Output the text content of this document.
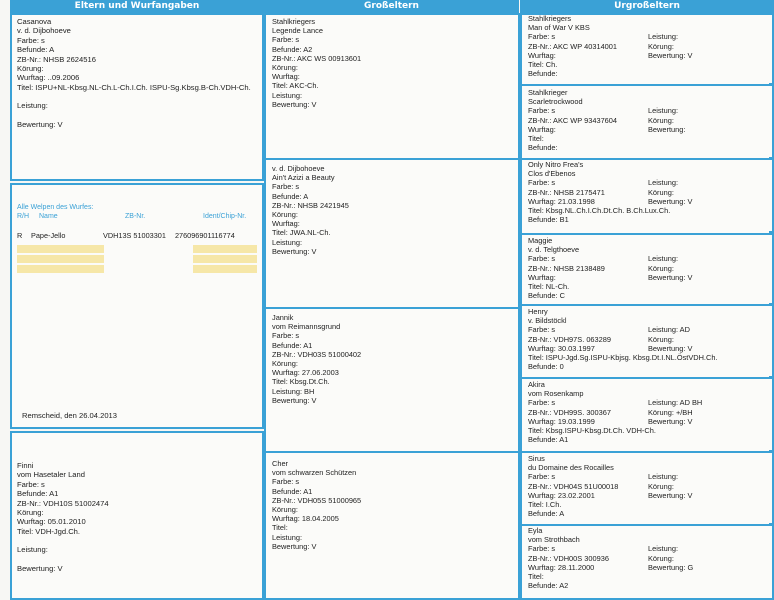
Eltern und Wurfangaben	Großeltern	Urgroßeltern
Casanova
v. d. Dijbohoeve
Farbe: s
Befunde: A
ZB-Nr.: NHSB 2624516
Körung:
Wurftag: ..09.2006
Titel: ISPU+NL-Kbsg.NL-Ch.L-Ch.I.Ch. ISPU-Sg.Kbsg.B-Ch.VDH-Ch.
Leistung:
Bewertung: V
Alle Welpen des Wurfes:
R/H	Name	ZB-Nr.	Ident/Chip-Nr.
R	Pape-Jello	VDH13S 51003301	276096901116774
Remscheid, den 26.04.2013
Finni
vom Hasetaler Land
Farbe: s
Befunde: A1
ZB-Nr.: VDH10S 51002474
Körung:
Wurftag: 05.01.2010
Titel: VDH-Jgd.Ch.
Leistung:
Bewertung: V
Stahlkriegers
Legende Lance
Farbe: s
Befunde: A2
ZB-Nr.: AKC WS 00913601
Körung:
Wurftag:
Titel: AKC-Ch.
Leistung:
Bewertung: V
v. d. Dijbohoeve
Ain't Azizi a Beauty
Farbe: s
Befunde: A
ZB-Nr.: NHSB 2421945
Körung:
Wurftag:
Titel: JWA.NL-Ch.
Leistung:
Bewertung: V
Jannik
vom Reimannsgrund
Farbe: s
Befunde: A1
ZB-Nr.: VDH03S 51000402
Körung:
Wurftag: 27.06.2003
Titel: Kbsg.Dt.Ch.
Leistung: BH
Bewertung: V
Cher
vom schwarzen Schützen
Farbe: s
Befunde: A1
ZB-Nr.: VDH05S 51000965
Körung:
Wurftag: 18.04.2005
Titel:
Leistung:
Bewertung: V
Stahlkriegers
Man of War V KBS
Farbe: s	Leistung:
ZB-Nr.: AKC WP 40314001	Körung:
Wurftag:	Bewertung: V
Titel: Ch.
Befunde:
Stahlkrieger
Scarletrockwood
Farbe: s	Leistung:
ZB-Nr.: AKC WP 93437604	Körung:
Wurftag:	Bewertung:
Titel:
Befunde:
Only Nitro Frea's
Clos d'Ebenos
Farbe: s	Leistung:
ZB-Nr.: NHSB 2175471	Körung:
Wurftag: 21.03.1998	Bewertung: V
Titel: Kbsg.NL.Ch.I.Ch.Dt.Ch. B.Ch.Lux.Ch.
Befunde: B1
Maggie
v. d. Telgthoeve
Farbe: s	Leistung:
ZB-Nr.: NHSB 2138489	Körung:
Wurftag:	Bewertung: V
Titel: NL-Ch.
Befunde: C
Henry
v. Bildstöckl
Farbe: s	Leistung: AD
ZB-Nr.: VDH97S. 063289	Körung:
Wurftag: 30.03.1997	Bewertung: V
Titel: ISPU-Jgd.Sg.ISPU-Kbjsg. Kbsg.Dt.I.NL.ÖstVDH.Ch.
Befunde: 0
Akira
vom Rosenkamp
Farbe: s	Leistung: AD BH
ZB-Nr.: VDH99S. 300367	Körung: +/BH
Wurftag: 19.03.1999	Bewertung: V
Titel: Kbsg.ISPU-Kbsg.Dt.Ch. VDH-Ch.
Befunde: A1
Sirus
du Domaine des Rocailles
Farbe: s	Leistung:
ZB-Nr.: VDH04S 51U00018	Körung:
Wurftag: 23.02.2001	Bewertung: V
Titel: I.Ch.
Befunde: A
Eyla
vom Strothbach
Farbe: s	Leistung:
ZB-Nr.: VDH00S 300936	Körung:
Wurftag: 28.11.2000	Bewertung: G
Titel:
Befunde: A2
